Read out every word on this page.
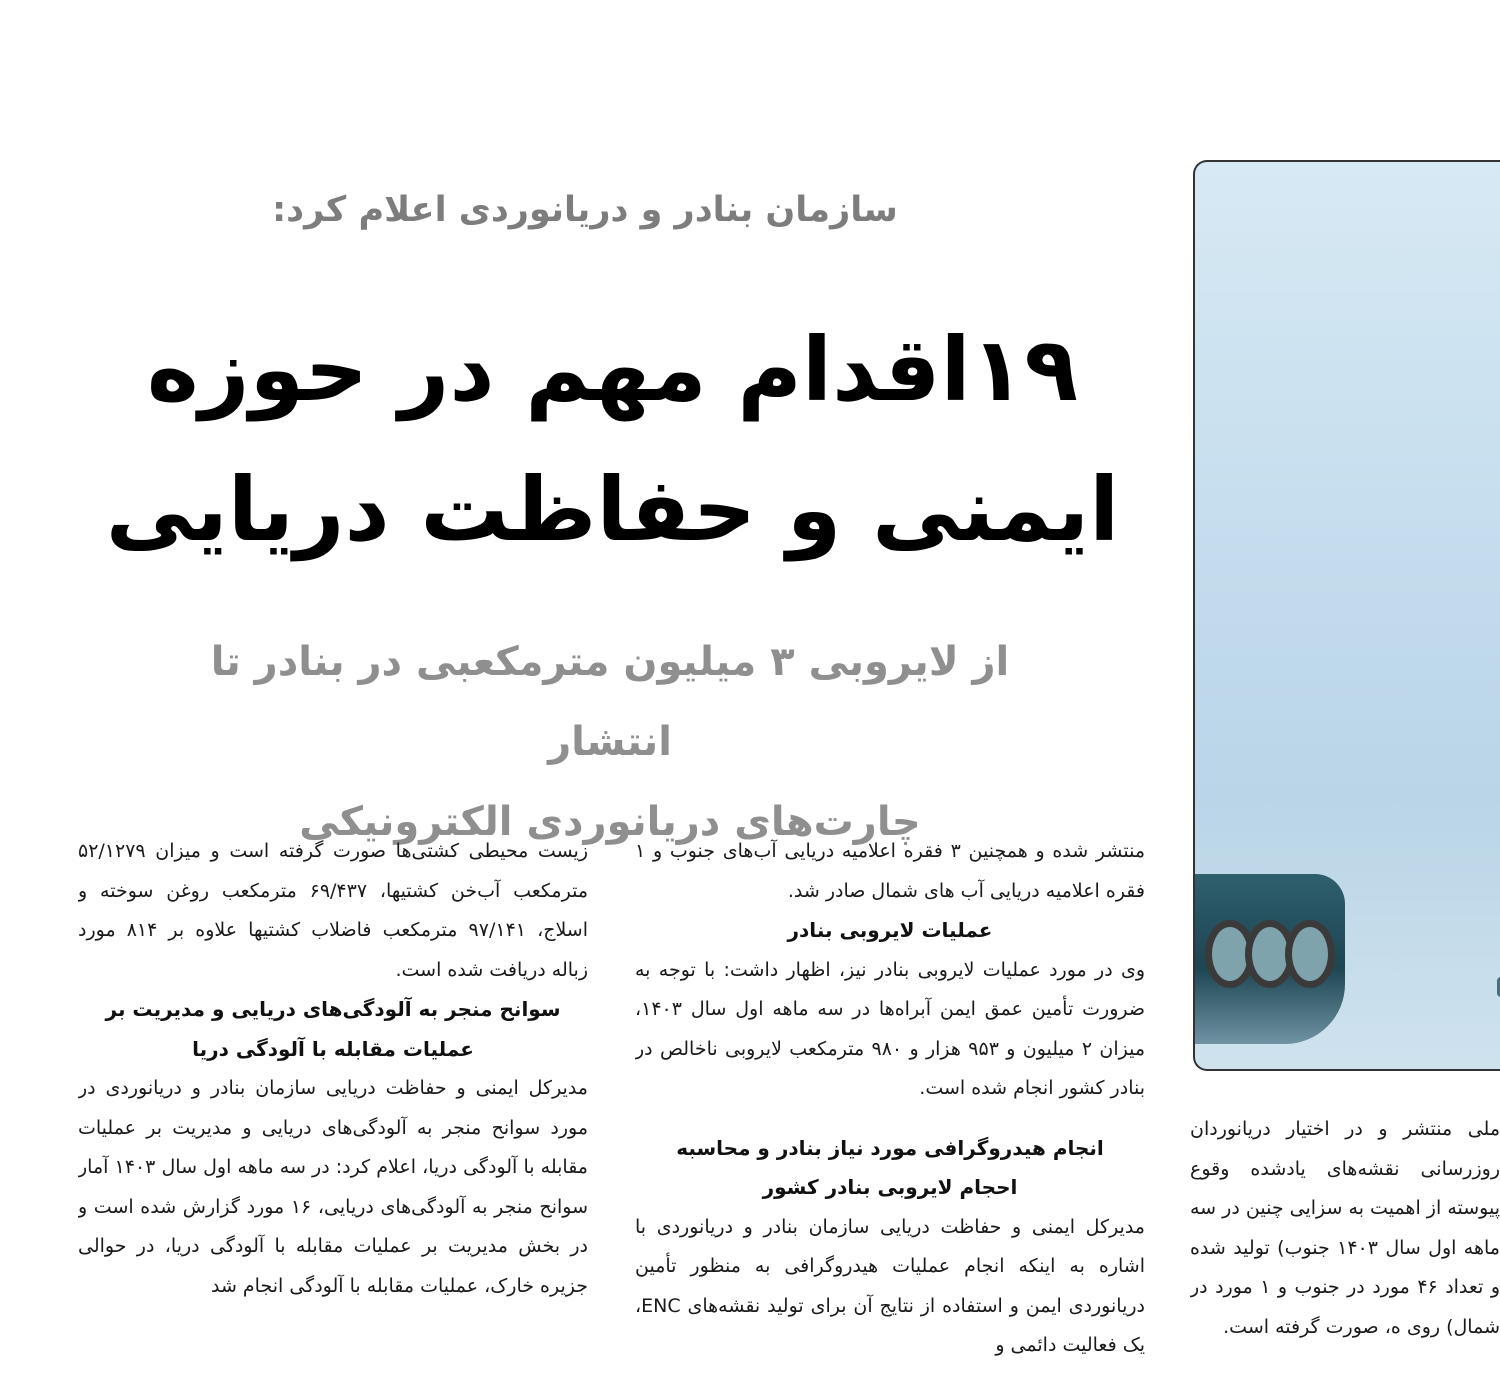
سازمان بنادر و دریانوردی اعلام کرد:
۱۹اقدام مهم در حوزه
ایمنی و حفاظت دریایی
از لایروبی ۳ میلیون مترمکعبی در بنادر تا انتشار
چارت‌های دریانوردی الکترونیکی

منتشر شده و همچنین ۳ فقره اعلامیه دریایی آب‌های جنوب و ۱ فقره اعلامیه دریایی آب های شمال صادر شد.

عملیات لایروبی بنادر

وی در مورد عملیات لایروبی بنادر نیز، اظهار داشت: با توجه به ضرورت تأمین عمق ایمن آبراه‌ها در سه ماهه اول سال ۱۴۰۳، میزان ۲ میلیون و ۹۵۳ هزار و ۹۸۰ مترمکعب لایروبی ناخالص در بنادر کشور انجام شده است.

انجام هیدروگرافی مورد نیاز بنادر و محاسبه
احجام لایروبی بنادر کشور

مدیرکل ایمنی و حفاظت دریایی سازمان بنادر و دریانوردی با اشاره به اینکه انجام عملیات هیدروگرافی به منظور تأمین دریانوردی ایمن و استفاده از نتایج آن برای تولید نقشه‌های ENC، یک فعالیت دائمی و

زیست محیطی کشتی‌ها صورت گرفته است و میزان ۵۲/۱۲۷۹ مترمکعب آب‌خن کشتیها، ۶۹/۴۳۷ مترمکعب روغن سوخته و اسلاج، ۹۷/۱۴۱ مترمکعب فاضلاب کشتیها علاوه بر ۸۱۴ مورد زباله دریافت شده است.

سوانح منجر به آلودگی‌های دریایی و مدیریت بر
عملیات مقابله با آلودگی دریا

مدیرکل ایمنی و حفاظت دریایی سازمان بنادر و دریانوردی در مورد سوانح منجر به آلودگی‌های دریایی و مدیریت بر عملیات مقابله با آلودگی دریا، اعلام کرد: در سه ماهه اول سال ۱۴۰۳ آمار سوانح منجر به آلودگی‌های دریایی، ۱۶ مورد گزارش شده است و در بخش مدیریت بر عملیات مقابله با آلودگی دریا، در حوالی جزیره خارک، عملیات مقابله با آلودگی انجام شد

ملی منتشر و در اختیار دریانوردان روزرسانی نقشه‌های یادشده وقوع پیوسته از اهمیت به سزایی چنین در سه ماهه اول سال ۱۴۰۳ جنوب) تولید شده و تعداد ۴۶ مورد در جنوب و ۱ مورد در شمال) روی ه، صورت گرفته است.
